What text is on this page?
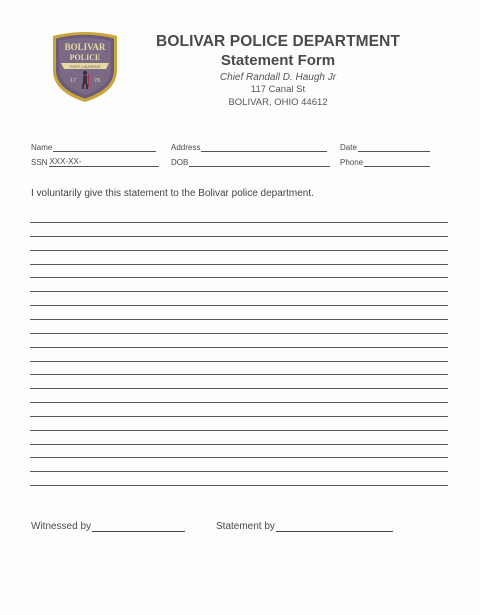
BOLIVAR
POLICE
FORT LAURENS
17	78
BOLIVAR POLICE DEPARTMENT
Statement Form
Chief Randall D. Haugh Jr
117 Canal St
BOLIVAR, OHIO 44612
Name	Address	Date
SSN XXX-XX-	DOB	Phone
I voluntarily give this statement to the Bolivar police department.
Witnessed by	Statement by
